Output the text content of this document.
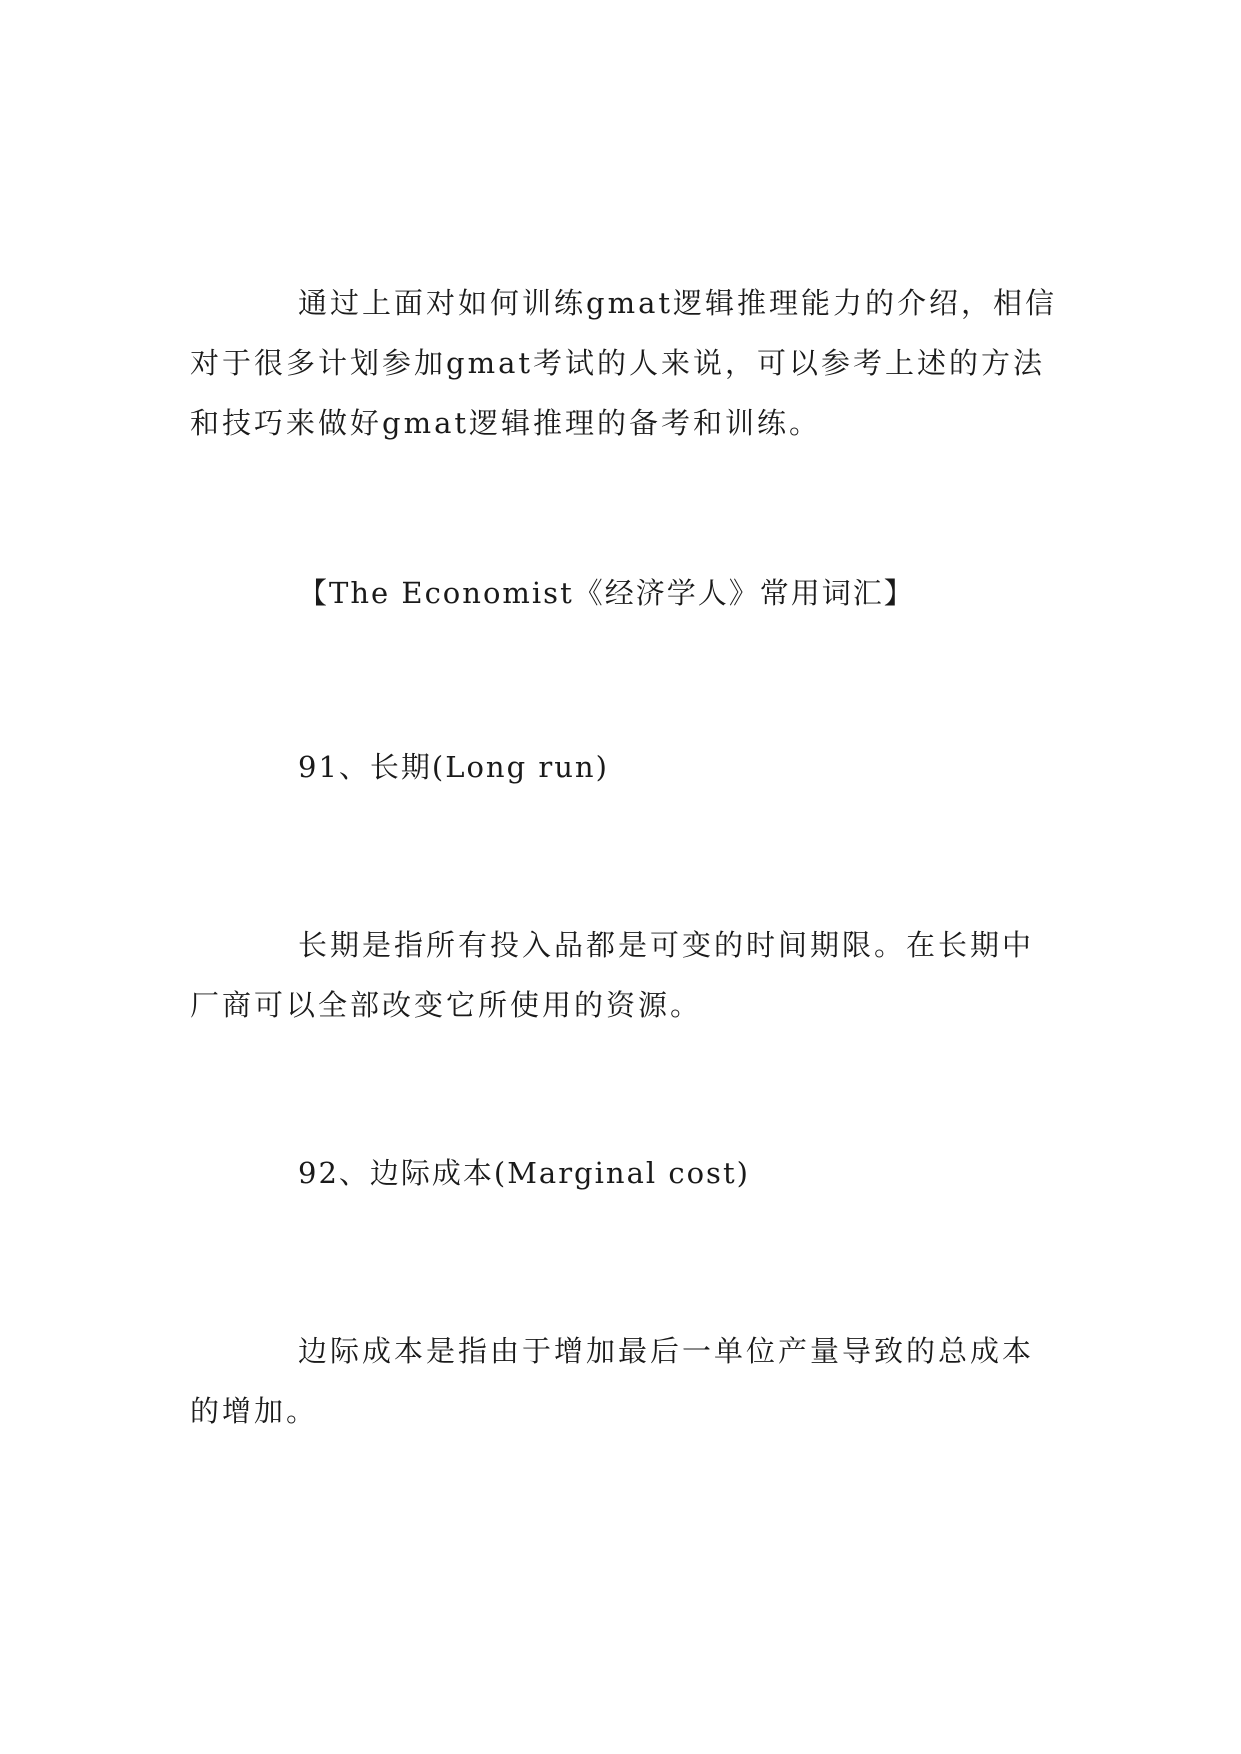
通过上面对如何训练gmat逻辑推理能力的介绍，相信对于很多计划参加gmat考试的人来说，可以参考上述的方法和技巧来做好gmat逻辑推理的备考和训练。

【The Economist《经济学人》常用词汇】

91、长期(Long run)

长期是指所有投入品都是可变的时间期限。在长期中厂商可以全部改变它所使用的资源。

92、边际成本(Marginal cost)

边际成本是指由于增加最后一单位产量导致的总成本的增加。
